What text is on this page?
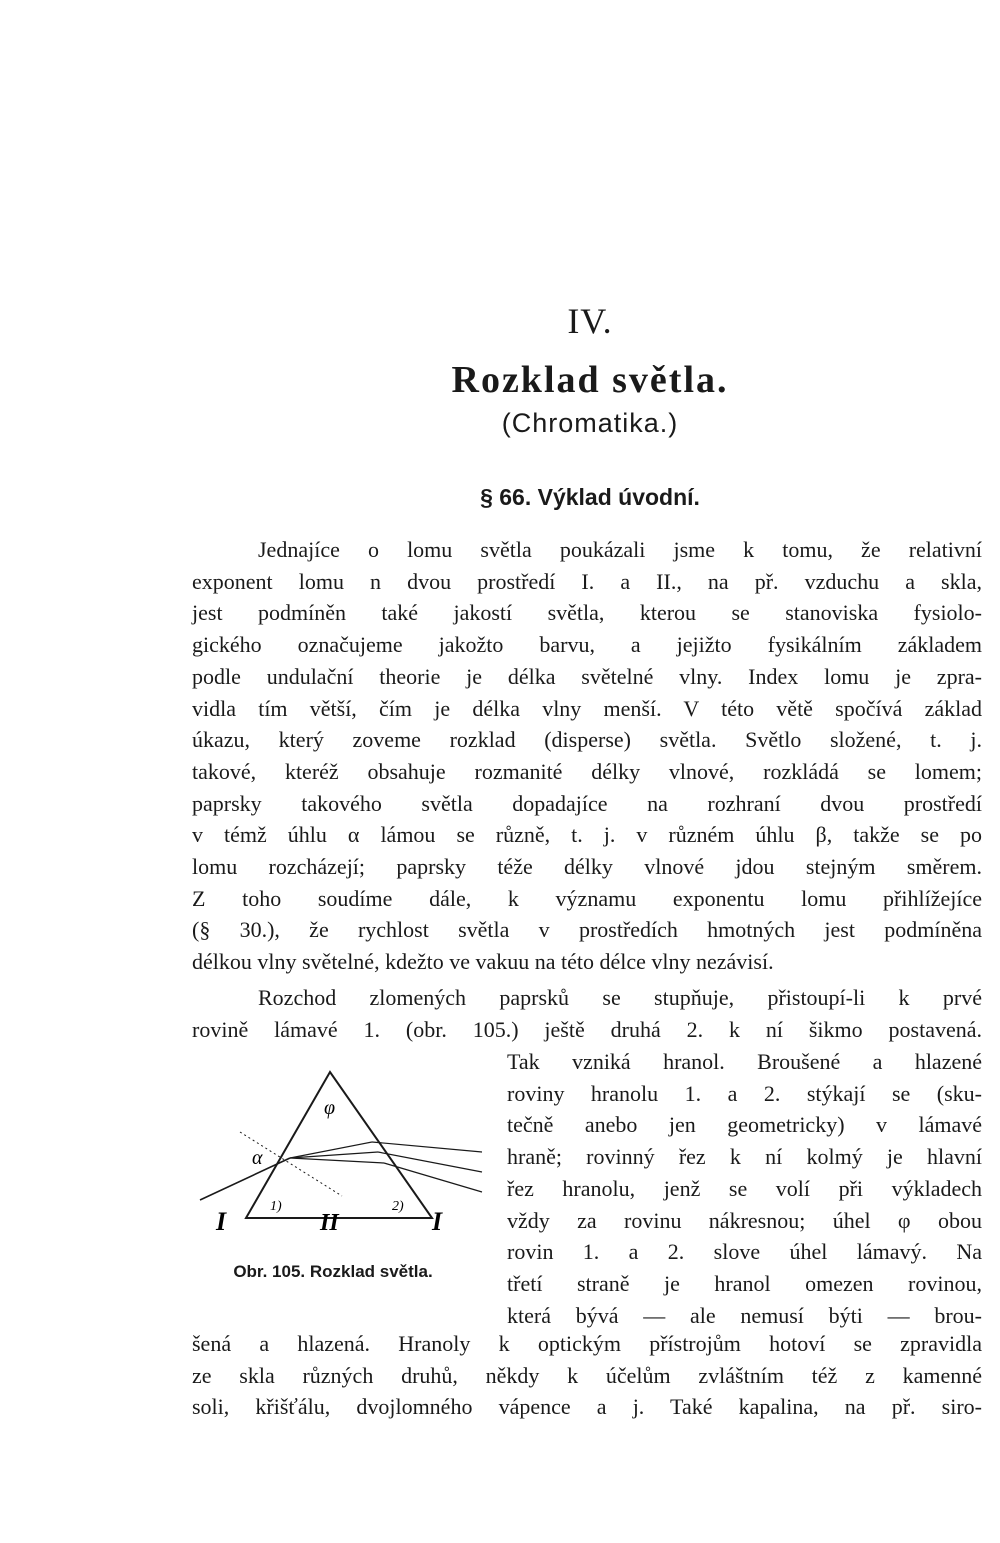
IV.
Rozklad světla.
(Chromatika.)
§ 66. Výklad úvodní.

Jednajíce o lomu světla poukázali jsme k tomu, že relativní

exponent lomu n dvou prostředí I. a II., na př. vzduchu a skla,

jest podmíněn také jakostí světla, kterou se stanoviska fysiolo-

gického označujeme jakožto barvu, a jejižto fysikálním základem

podle undulační theorie je délka světelné vlny. Index lomu je zpra-

vidla tím větší, čím je délka vlny menší. V této větě spočívá základ

úkazu, který zoveme rozklad (disperse) světla. Světlo složené, t. j.

takové, kteréž obsahuje rozmanité délky vlnové, rozkládá se lomem;

paprsky takového světla dopadajíce na rozhraní dvou prostředí

v témž úhlu α lámou se různě, t. j. v různém úhlu β, takže se po

lomu rozcházejí; paprsky téže délky vlnové jdou stejným směrem.

Z toho soudíme dále, k významu exponentu lomu přihlížejíce

(§ 30.), že rychlost světla v prostředích hmotných jest podmíněna

délkou vlny světelné, kdežto ve vakuu na této délce vlny nezávisí.

Rozchod zlomených paprsků se stupňuje, přistoupí-li k prvé
rovině lámavé 1. (obr. 105.) ještě druhá 2. k ní šikmo postavená.
Tak vzniká hranol. Broušené a hlazené
roviny hranolu 1. a 2. stýkají se (sku-
tečně anebo jen geometricky) v lámavé
hraně; rovinný řez k ní kolmý je hlavní
řez hranolu, jenž se volí při výkladech
vždy za rovinu nákresnou; úhel φ obou
rovin 1. a 2. slove úhel lámavý. Na
třetí straně je hranol omezen rovinou,
která bývá — ale nemusí býti — brou-
φ
α
I	II	I
1)	2)
Obr. 105. Rozklad světla.

šená a hlazená. Hranoly k optickým přístrojům hotoví se zpravidla

ze skla různých druhů, někdy k účelům zvláštním též z kamenné

soli, křišťálu, dvojlomného vápence a j. Také kapalina, na př. siro-
